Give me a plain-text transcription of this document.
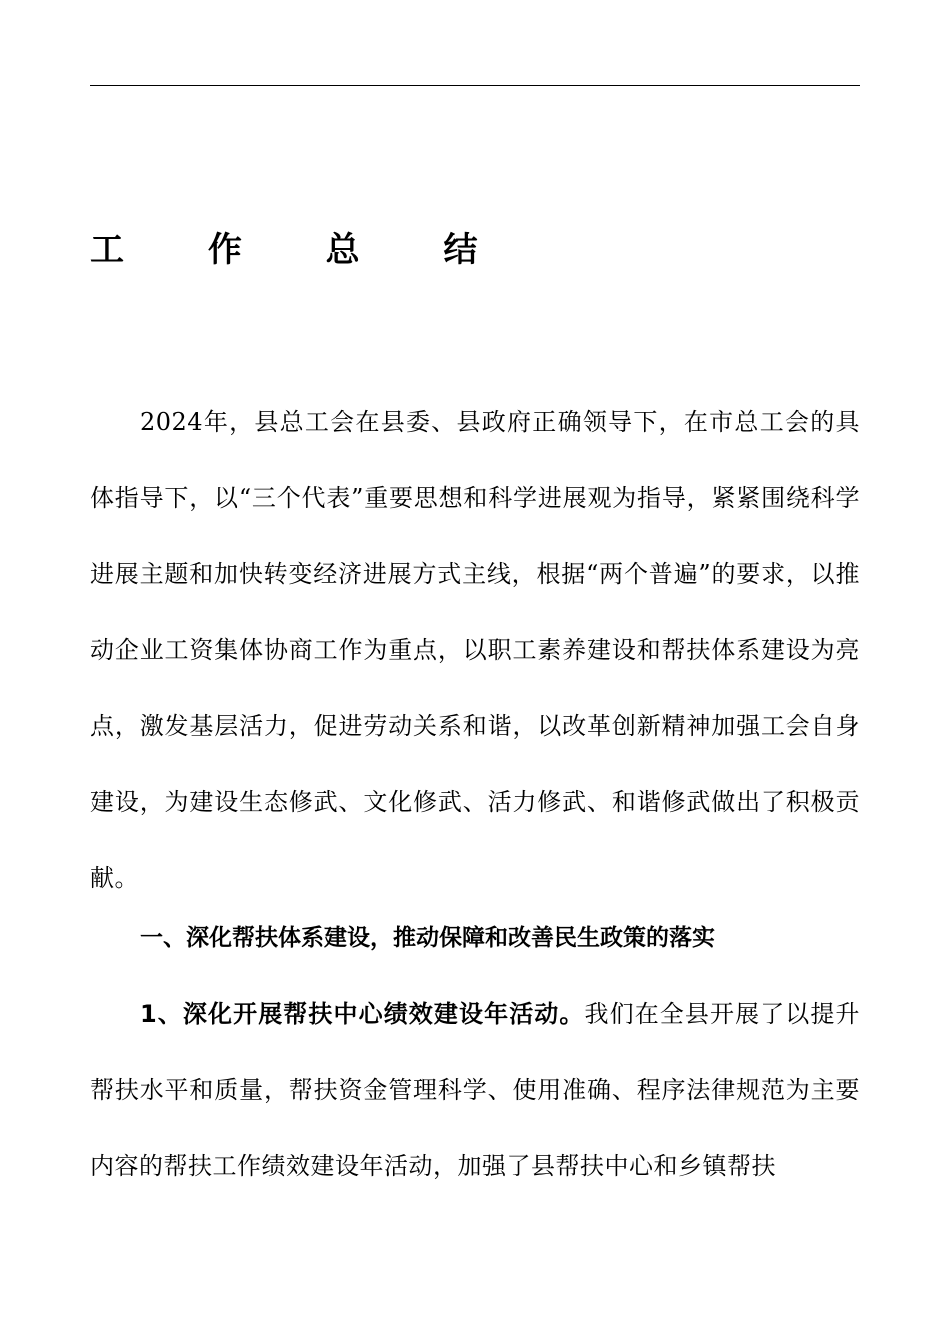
工 作 总 结
2024年，县总工会在县委、县政府正确领导下，在市总工会的具体指导下，以“三个代表”重要思想和科学进展观为指导，紧紧围绕科学进展主题和加快转变经济进展方式主线，根据“两个普遍”的要求，以推动企业工资集体协商工作为重点，以职工素养建设和帮扶体系建设为亮点，激发基层活力，促进劳动关系和谐，以改革创新精神加强工会自身建设，为建设生态修武、文化修武、活力修武、和谐修武做出了积极贡献。
一、深化帮扶体系建设，推动保障和改善民生政策的落实
1、深化开展帮扶中心绩效建设年活动。我们在全县开展了以提升帮扶水平和质量，帮扶资金管理科学、使用准确、程序法律规范为主要内容的帮扶工作绩效建设年活动，加强了县帮扶中心和乡镇帮扶
